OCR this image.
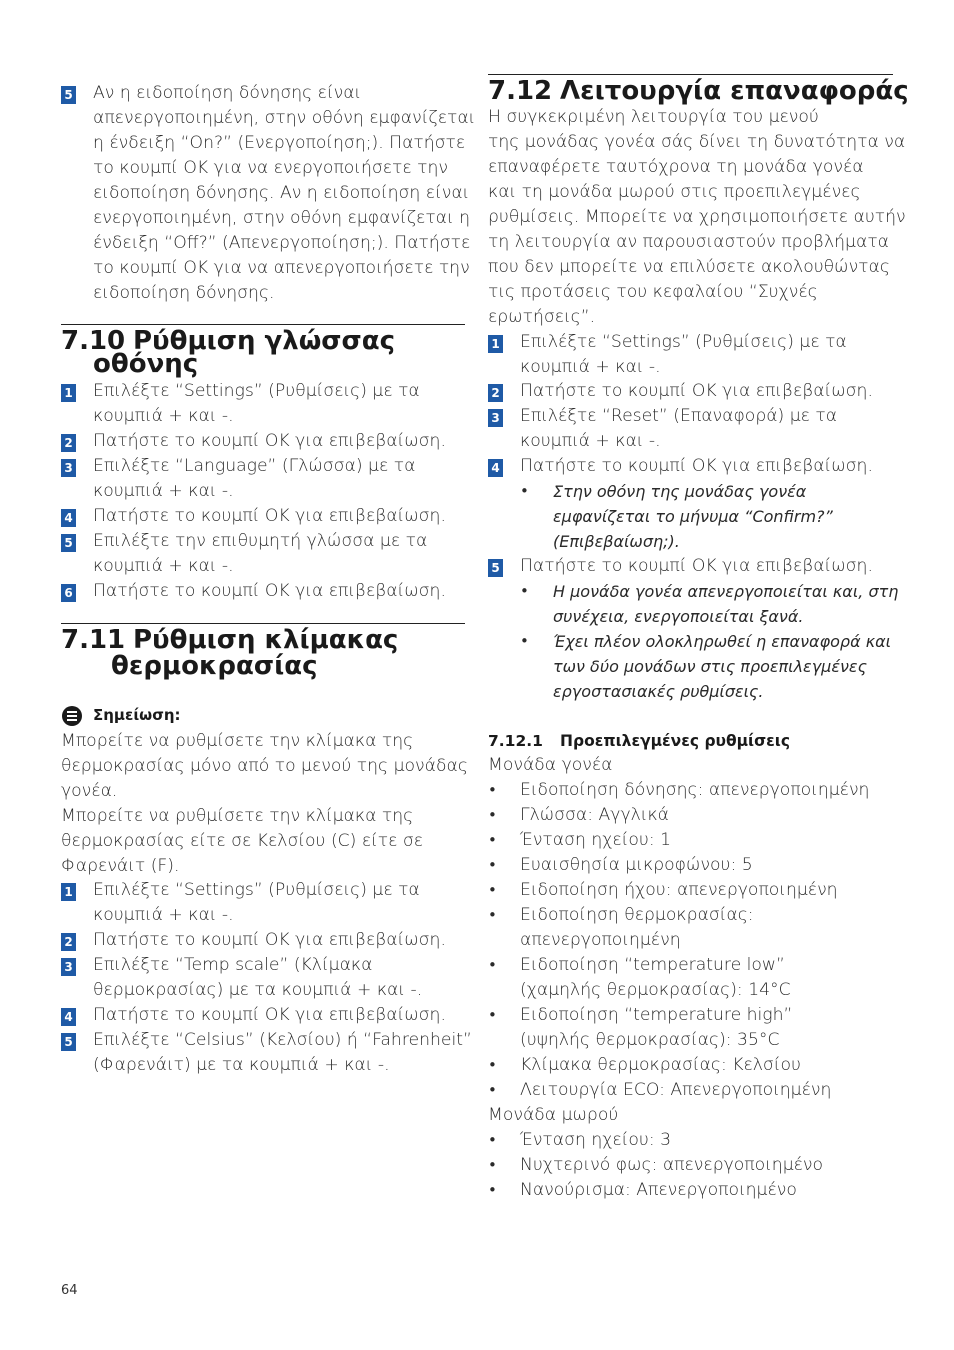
5 Αν η ειδοποίηση δόνησης είναι
απενεργοποιημένη, στην οθόνη εμφανίζεται
η ένδειξη “On?” (Ενεργοποίηση;). Πατήστε
το κουμπί OK για να ενεργοποιήσετε την
ειδοποίηση δόνησης. Αν η ειδοποίηση είναι
ενεργοποιημένη, στην οθόνη εμφανίζεται η
ένδειξη “Off?” (Απενεργοποίηση;). Πατήστε
το κουμπί OK για να απενεργοποιήσετε την
ειδοποίηση δόνησης.
7.10 Ρύθμιση γλώσσας
οθόνης
1 Επιλέξτε “Settings” (Ρυθμίσεις) με τα
κουμπιά + και -.
2 Πατήστε το κουμπί OK για επιβεβαίωση.
3 Επιλέξτε “Language” (Γλώσσα) με τα
κουμπιά + και -.
4 Πατήστε το κουμπί OK για επιβεβαίωση.
5 Επιλέξτε την επιθυμητή γλώσσα με τα
κουμπιά + και -.
6 Πατήστε το κουμπί OK για επιβεβαίωση.
7.11 Ρύθμιση κλίμακας
θερμοκρασίας
Σημείωση:
Μπορείτε να ρυθμίσετε την κλίμακα της
θερμοκρασίας μόνο από το μενού της μονάδας
γονέα.
Μπορείτε να ρυθμίσετε την κλίμακα της
θερμοκρασίας είτε σε Κελσίου (C) είτε σε
Φαρενάιτ (F).
1 Επιλέξτε “Settings” (Ρυθμίσεις) με τα
κουμπιά + και -.
2 Πατήστε το κουμπί OK για επιβεβαίωση.
3 Επιλέξτε “Temp scale” (Κλίμακα
θερμοκρασίας) με τα κουμπιά + και -.
4 Πατήστε το κουμπί OK για επιβεβαίωση.
5 Επιλέξτε “Celsius” (Κελσίου) ή “Fahrenheit”
(Φαρενάιτ) με τα κουμπιά + και -.
7.12 Λειτουργία επαναφοράς
Η συγκεκριμένη λειτουργία του μενού
της μονάδας γονέα σάς δίνει τη δυνατότητα να
επαναφέρετε ταυτόχρονα τη μονάδα γονέα
και τη μονάδα μωρού στις προεπιλεγμένες
ρυθμίσεις. Μπορείτε να χρησιμοποιήσετε αυτήν
τη λειτουργία αν παρουσιαστούν προβλήματα
που δεν μπορείτε να επιλύσετε ακολουθώντας
τις προτάσεις του κεφαλαίου “Συχνές
ερωτήσεις”.
1 Επιλέξτε “Settings” (Ρυθμίσεις) με τα
κουμπιά + και -.
2 Πατήστε το κουμπί OK για επιβεβαίωση.
3 Επιλέξτε “Reset” (Επαναφορά) με τα
κουμπιά + και -.
4 Πατήστε το κουμπί OK για επιβεβαίωση.
• Στην οθόνη της μονάδας γονέα
εμφανίζεται το μήνυμα “Confirm?”
(Επιβεβαίωση;).
5 Πατήστε το κουμπί OK για επιβεβαίωση.
• Η μονάδα γονέα απενεργοποιείται και, στη
συνέχεια, ενεργοποιείται ξανά.
• Έχει πλέον ολοκληρωθεί η επαναφορά και
των δύο μονάδων στις προεπιλεγμένες
εργοστασιακές ρυθμίσεις.
7.12.1 Προεπιλεγμένες ρυθμίσεις
Μονάδα γονέα
• Ειδοποίηση δόνησης: απενεργοποιημένη
• Γλώσσα: Αγγλικά
• Ένταση ηχείου: 1
• Ευαισθησία μικροφώνου: 5
• Ειδοποίηση ήχου: απενεργοποιημένη
• Ειδοποίηση θερμοκρασίας:
απενεργοποιημένη
• Ειδοποίηση “temperature low”
(χαμηλής θερμοκρασίας): 14°C
• Ειδοποίηση “temperature high”
(υψηλής θερμοκρασίας): 35°C
• Κλίμακα θερμοκρασίας: Κελσίου
• Λειτουργία ECO: Απενεργοποιημένη
Μονάδα μωρού
• Ένταση ηχείου: 3
• Νυχτερινό φως: απενεργοποιημένο
• Νανούρισμα: Απενεργοποιημένο
64
